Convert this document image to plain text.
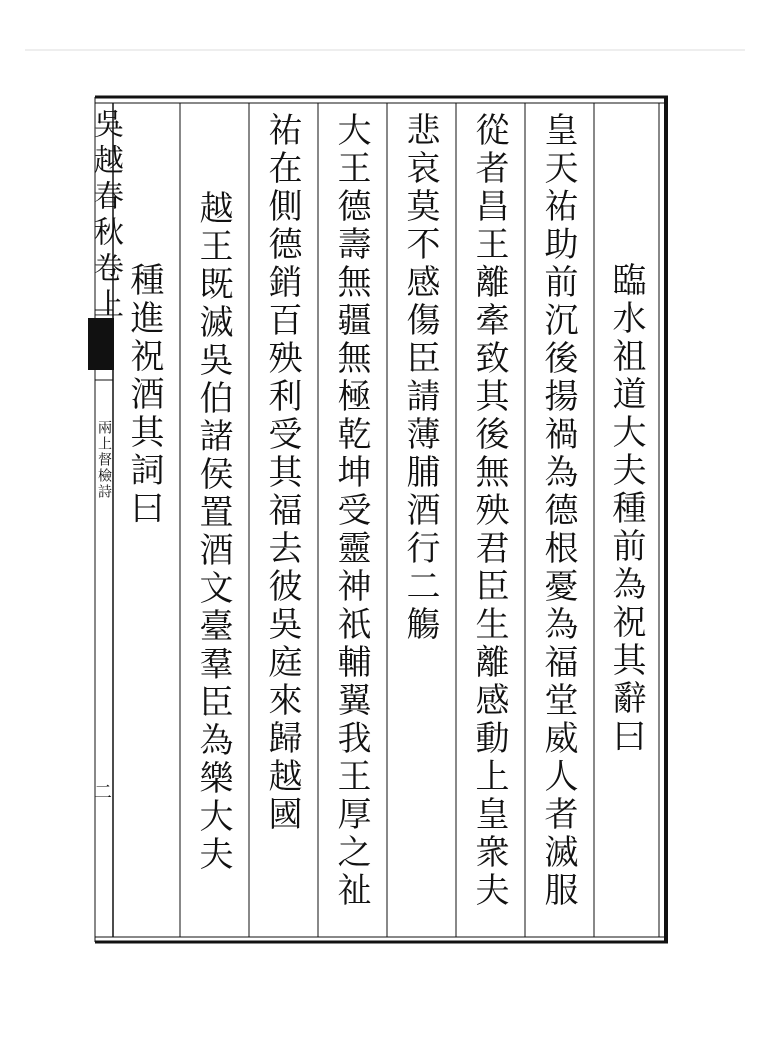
吳越春秋卷上
兩上督檢詩
二
臨水祖道大夫種前為祝其辭曰
皇天祐助前沉後揚禍為德根憂為福堂威人者滅服
從者昌王離牽致其後無殃君臣生離感動上皇衆夫
悲哀莫不感傷臣請薄脯酒行二觴
大王德壽無疆無極乾坤受靈神祇輔翼我王厚之祉
祐在側德銷百殃利受其福去彼吳庭來歸越國
越王既滅吳伯諸侯置酒文臺羣臣為樂大夫
種進祝酒其詞曰
